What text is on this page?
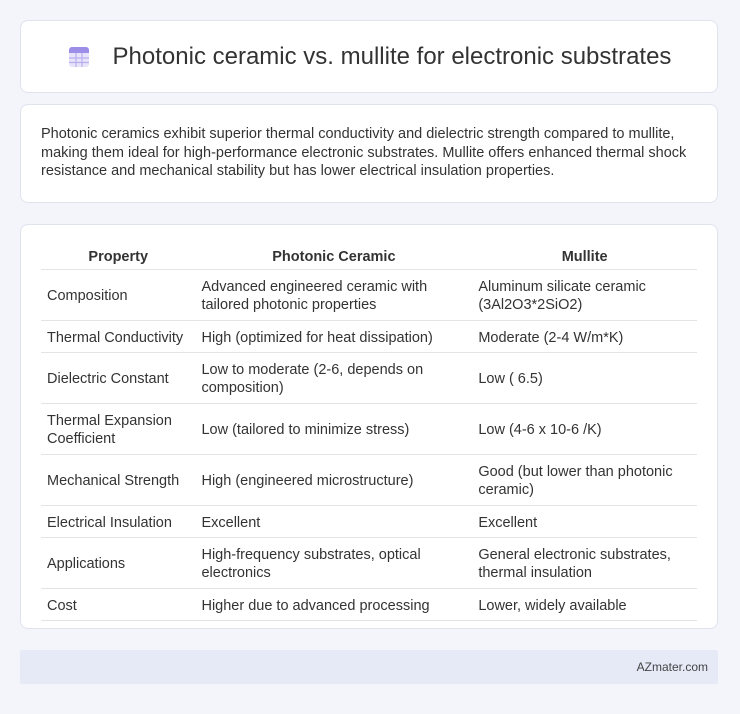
Photonic ceramic vs. mullite for electronic substrates

Photonic ceramics exhibit superior thermal conductivity and dielectric strength compared to mullite, making them ideal for high-performance electronic substrates. Mullite offers enhanced thermal shock resistance and mechanical stability but has lower electrical insulation properties.

Property	Photonic Ceramic	Mullite
Composition	Advanced engineered ceramic with tailored photonic properties	Aluminum silicate ceramic (3Al2O3*2SiO2)
Thermal Conductivity	High (optimized for heat dissipation)	Moderate (2-4 W/m*K)
Dielectric Constant	Low to moderate (2-6, depends on composition)	Low ( 6.5)
Thermal Expansion Coefficient	Low (tailored to minimize stress)	Low (4-6 x 10-6 /K)
Mechanical Strength	High (engineered microstructure)	Good (but lower than photonic ceramic)
Electrical Insulation	Excellent	Excellent
Applications	High-frequency substrates, optical electronics	General electronic substrates, thermal insulation
Cost	Higher due to advanced processing	Lower, widely available
AZmater.com
